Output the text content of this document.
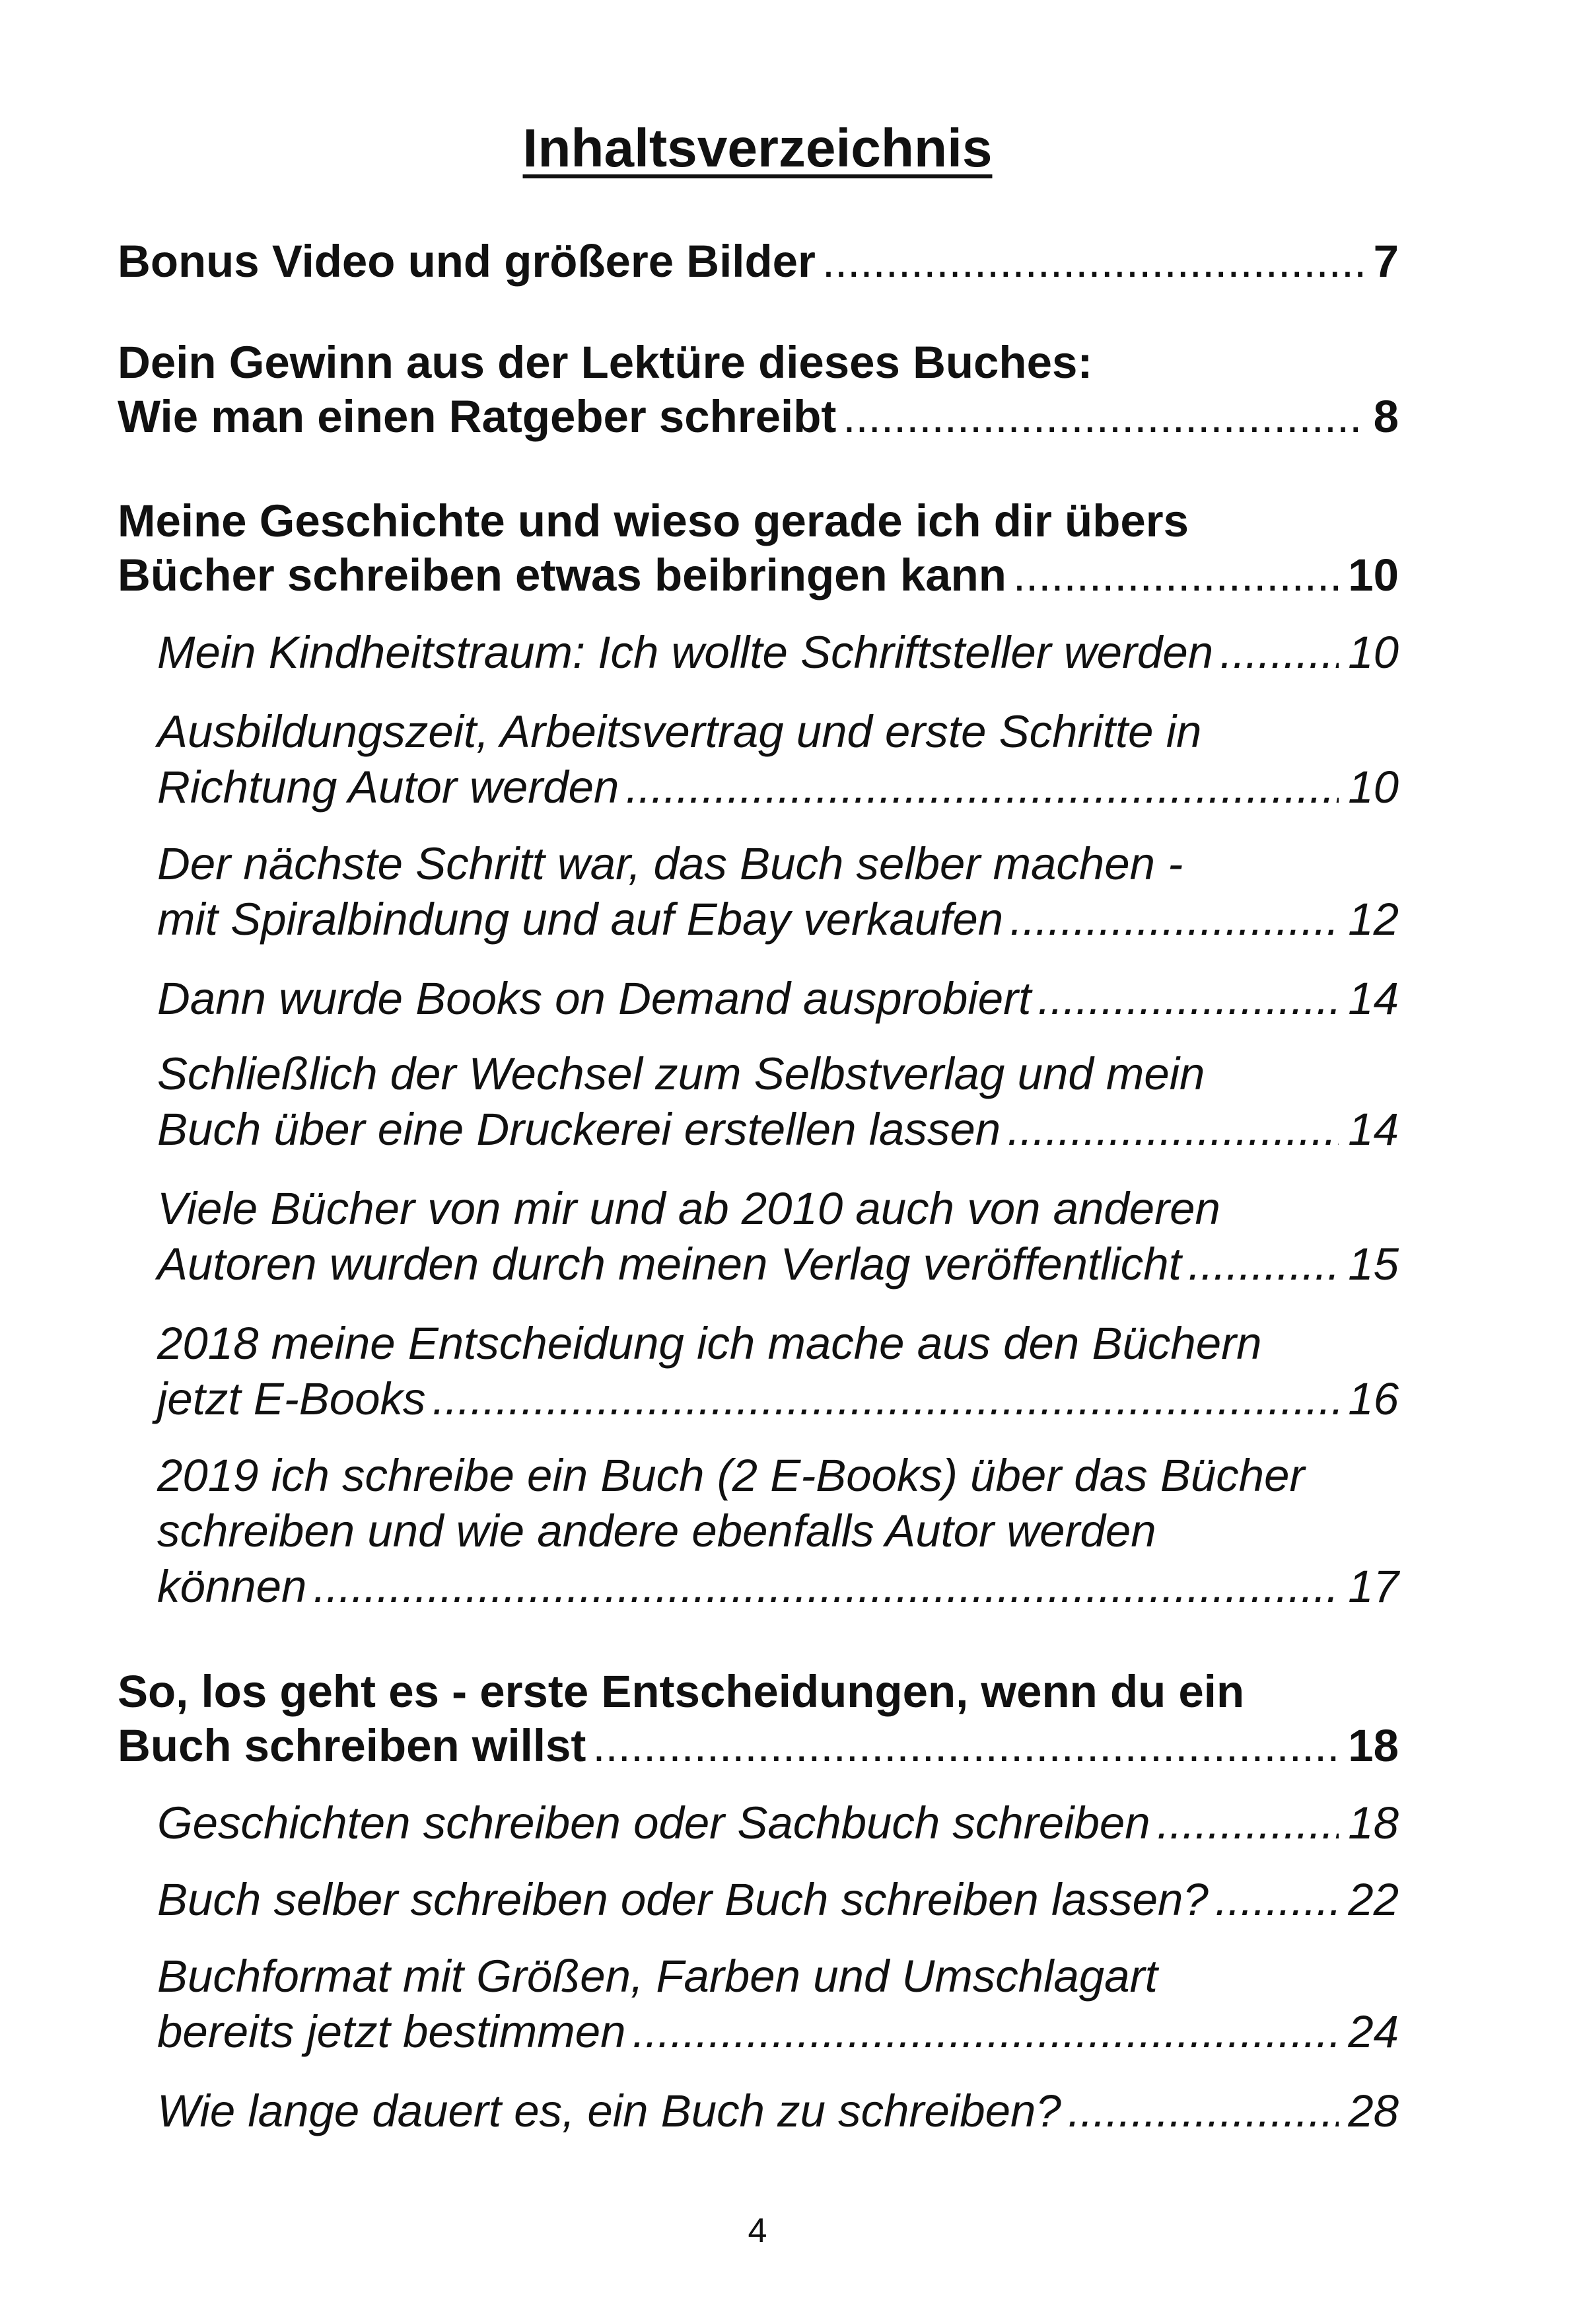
Inhaltsverzeichnis
Bonus Video und größere Bilder .....	7
Dein Gewinn aus der Lektüre dieses Buches:
Wie man einen Ratgeber schreibt .....	8
Meine Geschichte und wieso gerade ich dir übers
Bücher schreiben etwas beibringen kann .....	10
Mein Kindheitstraum: Ich wollte Schriftsteller werden .....	10
Ausbildungszeit, Arbeitsvertrag und erste Schritte in
Richtung Autor werden .....	10
Der nächste Schritt war, das Buch selber machen -
mit Spiralbindung und auf Ebay verkaufen .....	12
Dann wurde Books on Demand ausprobiert .....	14
Schließlich der Wechsel zum Selbstverlag und mein
Buch über eine Druckerei erstellen lassen .....	14
Viele Bücher von mir und ab 2010 auch von anderen
Autoren wurden durch meinen Verlag veröffentlicht .....	15
2018 meine Entscheidung ich mache aus den Büchern
jetzt E-Books .....	16
2019 ich schreibe ein Buch (2 E-Books) über das Bücher
schreiben und wie andere ebenfalls Autor werden
können .....	17
So, los geht es - erste Entscheidungen, wenn du ein
Buch schreiben willst .....	18
Geschichten schreiben oder Sachbuch schreiben .....	18
Buch selber schreiben oder Buch schreiben lassen? .....	22
Buchformat mit Größen, Farben und Umschlagart
bereits jetzt bestimmen .....	24
Wie lange dauert es, ein Buch zu schreiben? .....	28
4
